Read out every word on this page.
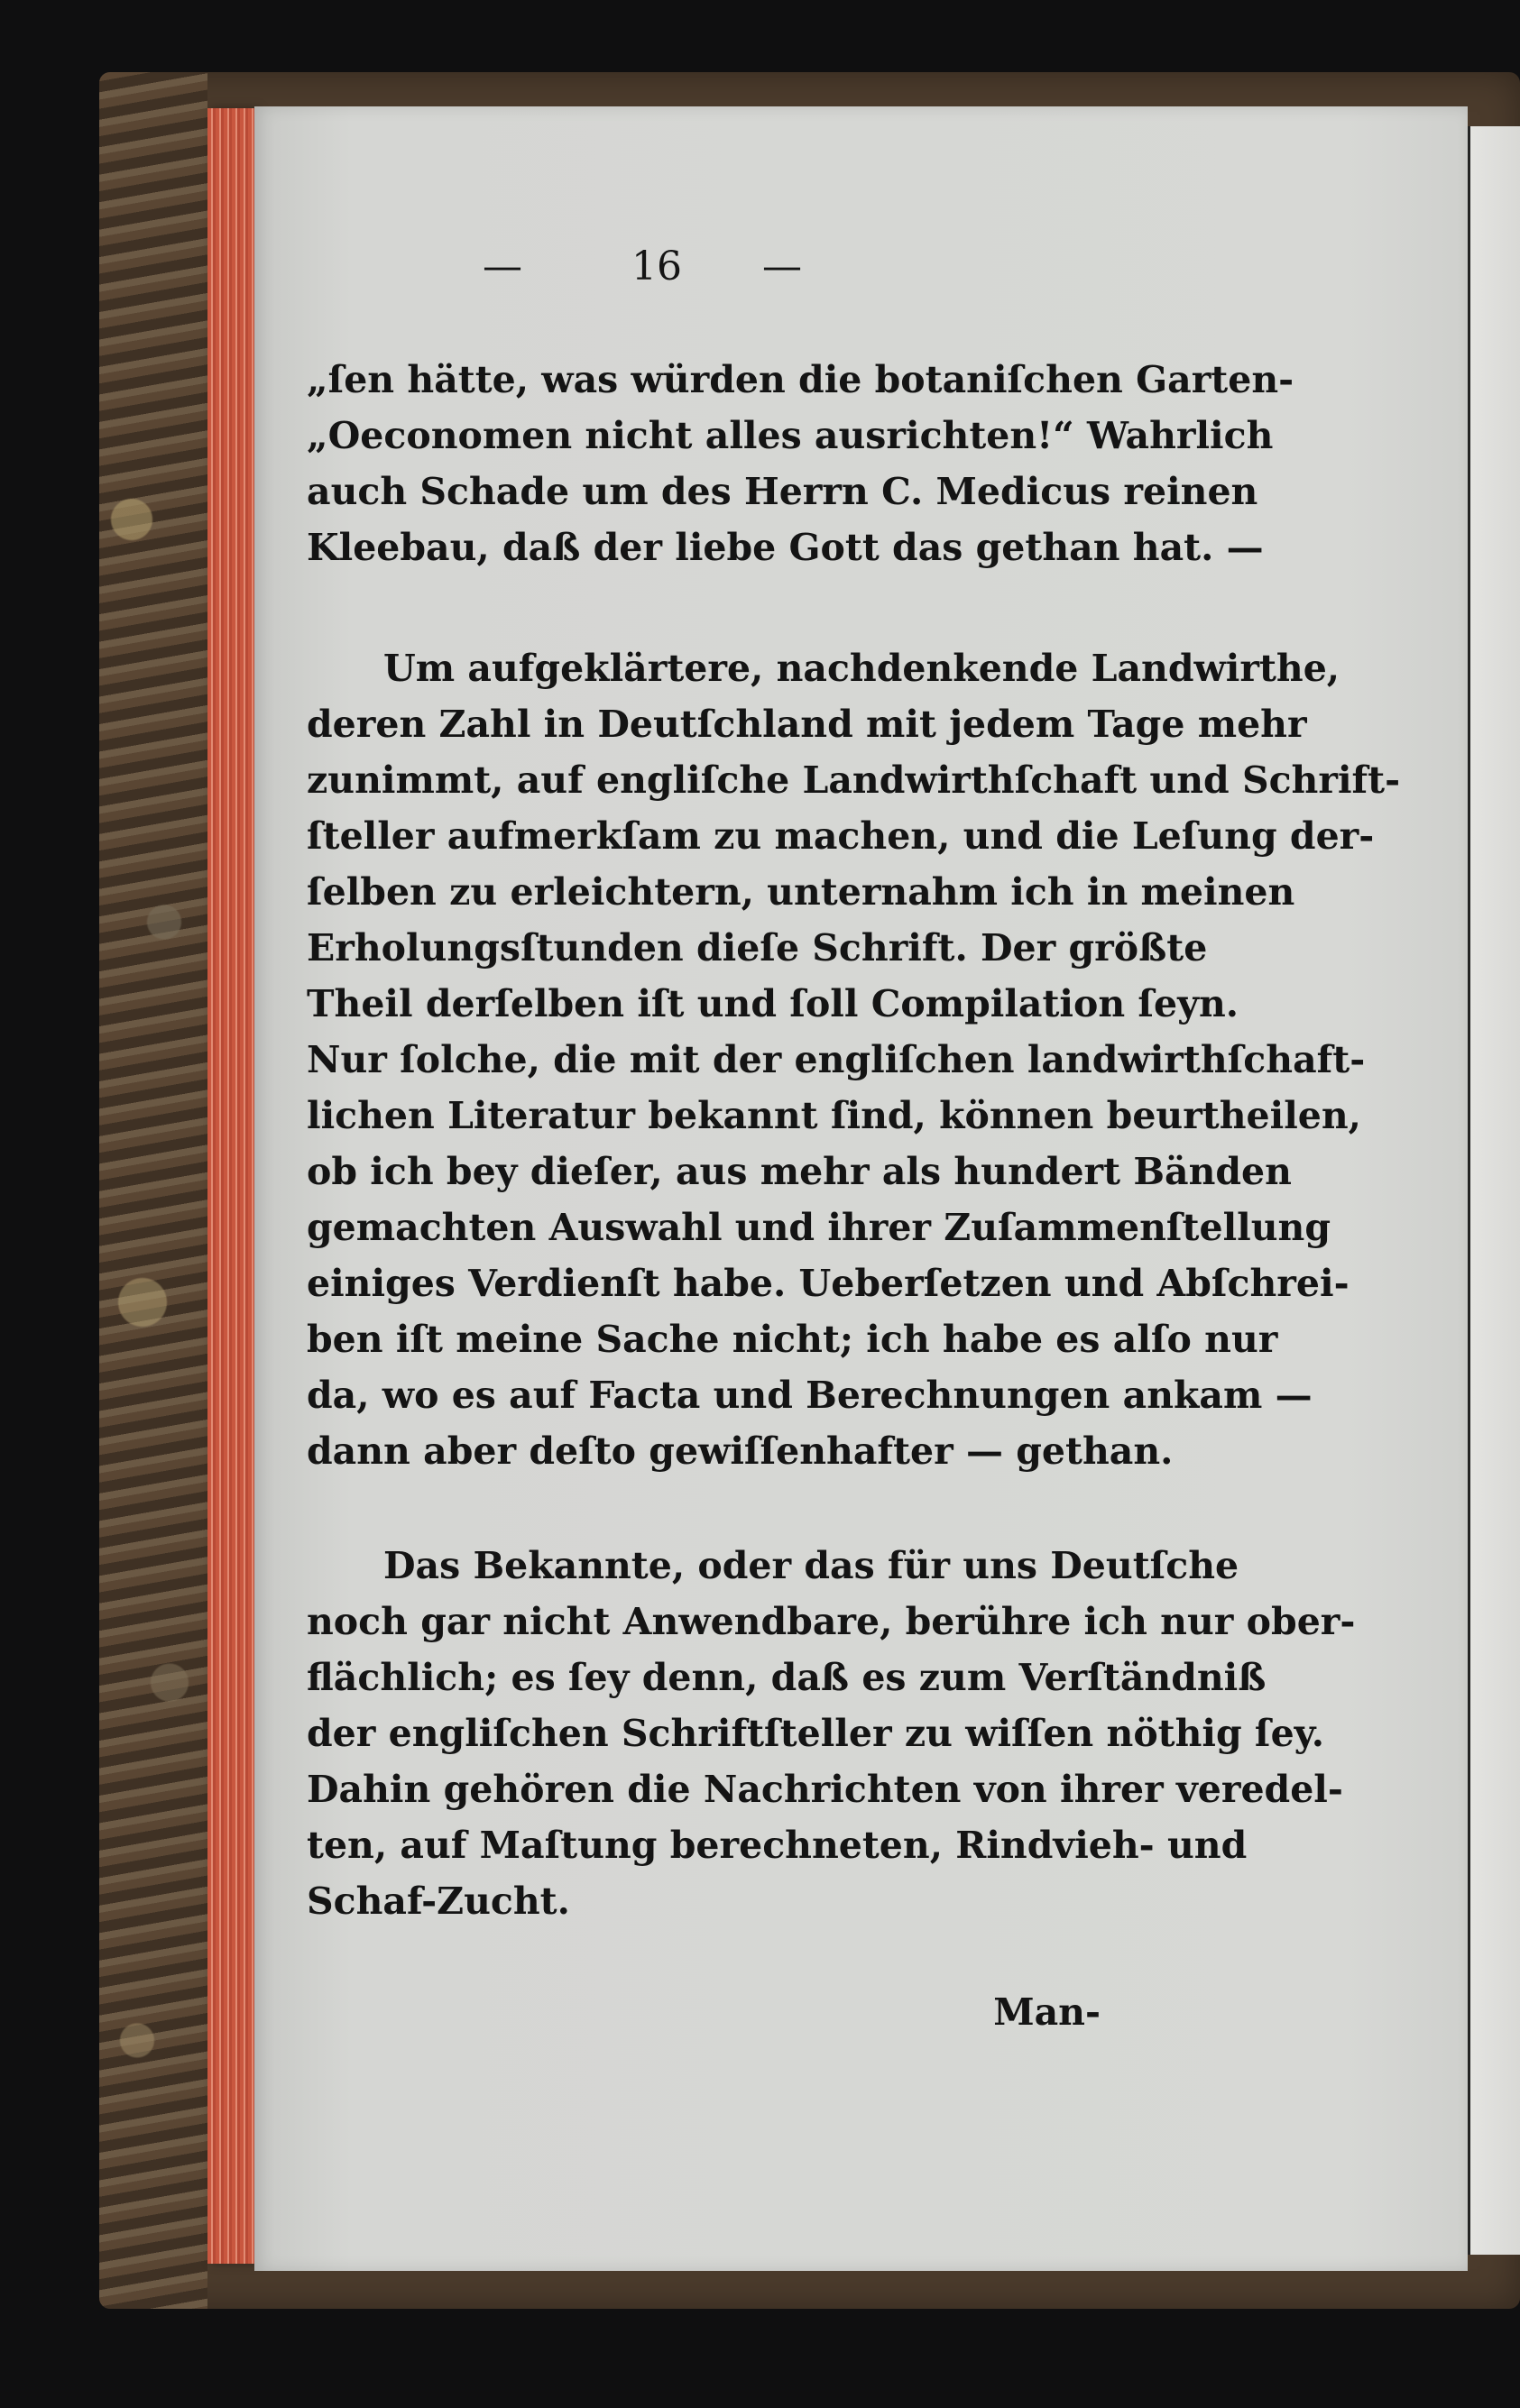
—	16 —
„ſen hätte, was würden die botaniſchen Garten-
„Oeconomen nicht alles ausrichten!“ Wahrlich
auch Schade um des Herrn C. Medicus reinen
Kleebau, daß der liebe Gott das gethan hat. —
Um aufgeklärtere, nachdenkende Landwirthe,
deren Zahl in Deutſchland mit jedem Tage mehr
zunimmt, auf engliſche Landwirthſchaft und Schrift-
ſteller aufmerkſam zu machen, und die Leſung der-
ſelben zu erleichtern, unternahm ich in meinen
Erholungsſtunden dieſe Schrift. Der größte
Theil derſelben iſt und ſoll Compilation ſeyn.
Nur ſolche, die mit der engliſchen landwirthſchaft-
lichen Literatur bekannt ſind, können beurtheilen,
ob ich bey dieſer, aus mehr als hundert Bänden
gemachten Auswahl und ihrer Zuſammenſtellung
einiges Verdienſt habe. Ueberſetzen und Abſchrei-
ben iſt meine Sache nicht; ich habe es alſo nur
da, wo es auf Facta und Berechnungen ankam —
dann aber deſto gewiſſenhafter — gethan.
Das Bekannte, oder das für uns Deutſche
noch gar nicht Anwendbare, berühre ich nur ober-
flächlich; es ſey denn, daß es zum Verſtändniß
der engliſchen Schriftſteller zu wiſſen nöthig ſey.
Dahin gehören die Nachrichten von ihrer veredel-
ten, auf Maſtung berechneten, Rindvieh- und
Schaf-Zucht.
Man-
